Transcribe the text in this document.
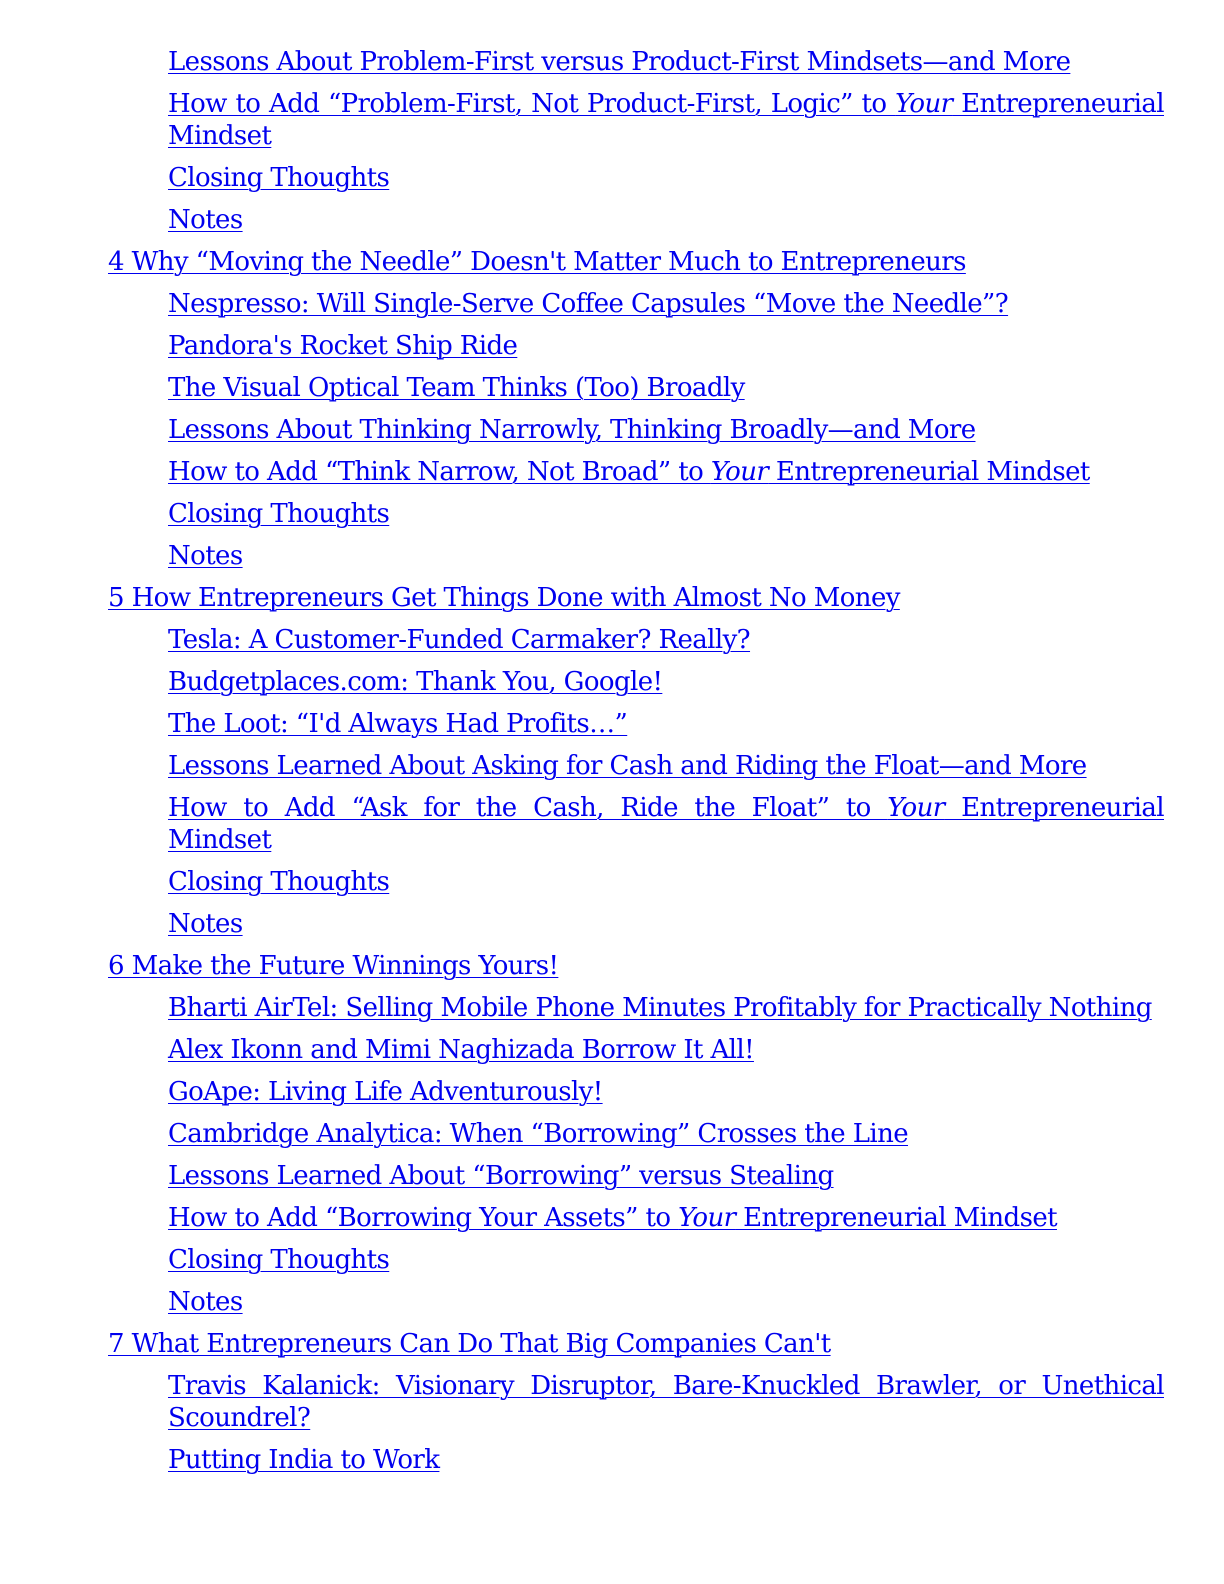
Lessons About Problem-First versus Product-First Mindsets—and More
How to Add “Problem-First, Not Product-First, Logic” to Your Entrepreneurial Mindset
Closing Thoughts
Notes
4 Why “Moving the Needle” Doesn't Matter Much to Entrepreneurs
Nespresso: Will Single-Serve Coffee Capsules “Move the Needle”?
Pandora's Rocket Ship Ride
The Visual Optical Team Thinks (Too) Broadly
Lessons About Thinking Narrowly, Thinking Broadly—and More
How to Add “Think Narrow, Not Broad” to Your Entrepreneurial Mindset
Closing Thoughts
Notes
5 How Entrepreneurs Get Things Done with Almost No Money
Tesla: A Customer-Funded Carmaker? Really?
Budgetplaces.com: Thank You, Google!
The Loot: “I'd Always Had Profits…”
Lessons Learned About Asking for Cash and Riding the Float—and More
How to Add “Ask for the Cash, Ride the Float” to Your Entrepreneurial Mindset
Closing Thoughts
Notes
6 Make the Future Winnings Yours!
Bharti AirTel: Selling Mobile Phone Minutes Profitably for Practically Nothing
Alex Ikonn and Mimi Naghizada Borrow It All!
GoApe: Living Life Adventurously!
Cambridge Analytica: When “Borrowing” Crosses the Line
Lessons Learned About “Borrowing” versus Stealing
How to Add “Borrowing Your Assets” to Your Entrepreneurial Mindset
Closing Thoughts
Notes
7 What Entrepreneurs Can Do That Big Companies Can't
Travis Kalanick: Visionary Disruptor, Bare-Knuckled Brawler, or Unethical Scoundrel?
Putting India to Work
